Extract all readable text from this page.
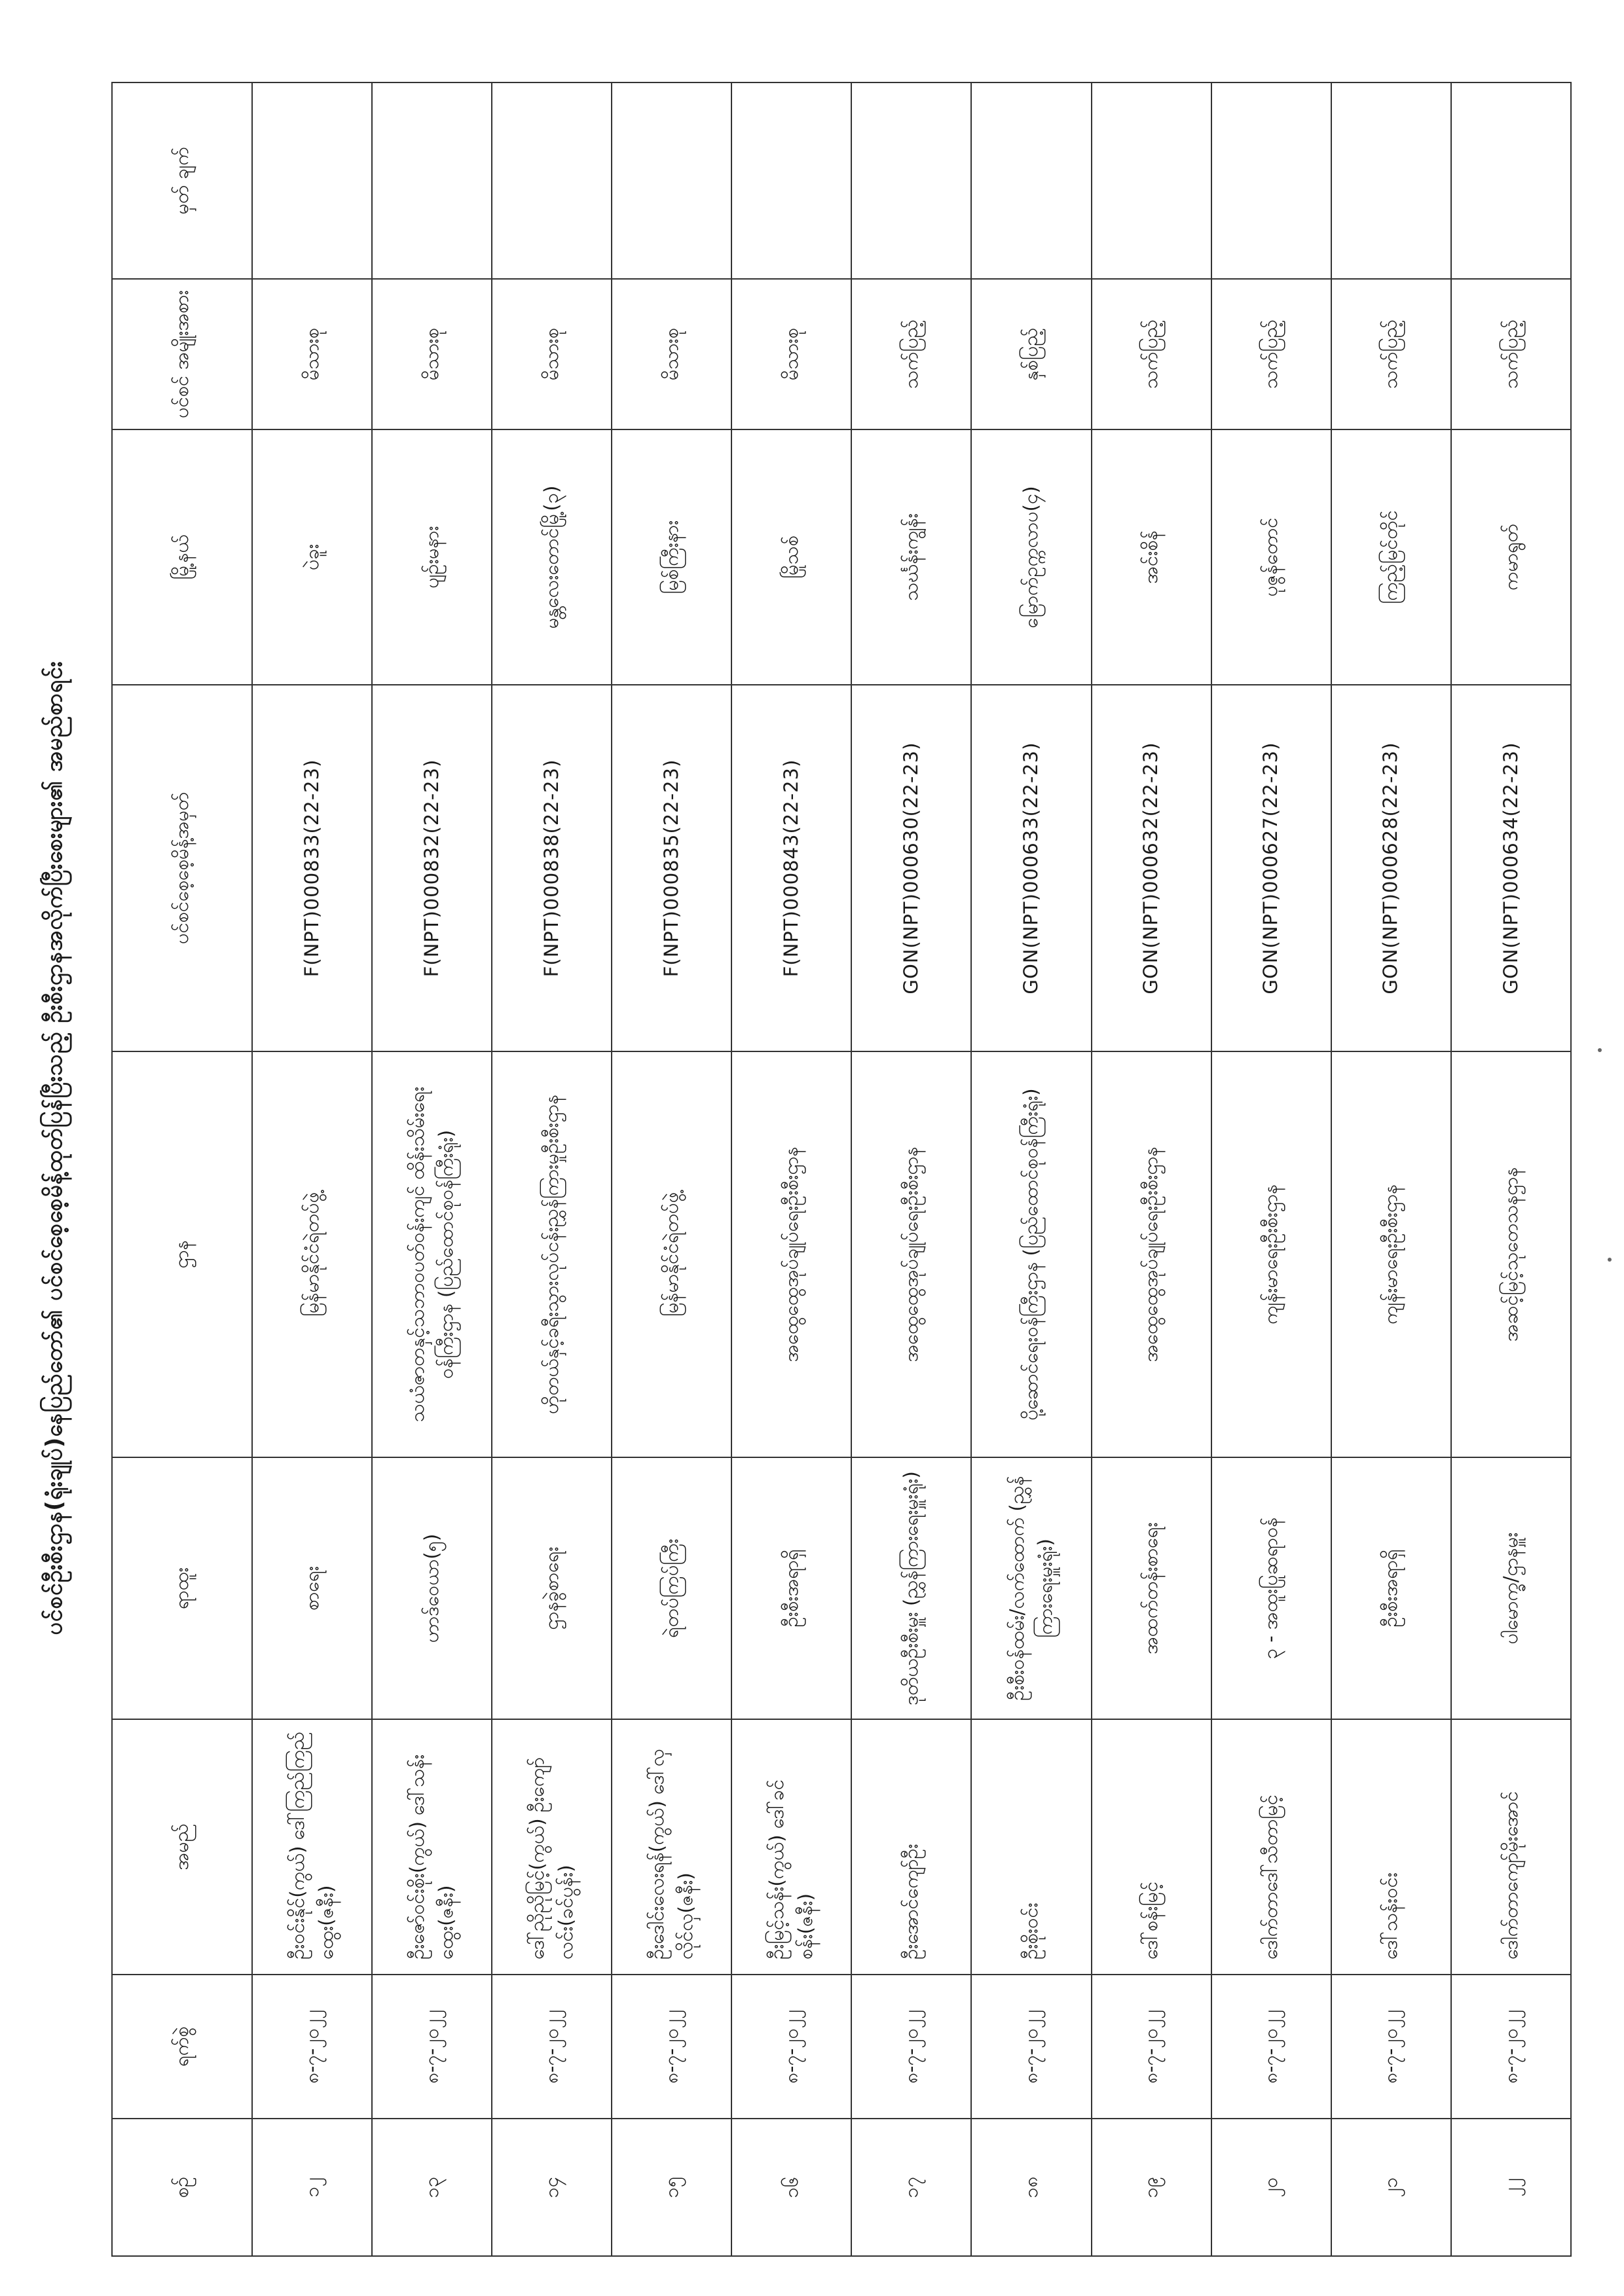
ပင်စင်ဦးစီးဌာန(ရုံးချုပ်)နေပြည်တော်၏ ပင်စင်စေ့စေ့မိန့်ထုတ်ပြန်ပြီးသည့် ဦးစီးဌာနအလိုက်ပြီးစေးများ၏ အမည်စာရင်း
စဉ်	ရက်စွဲ	အမည်	ရာထူး	ဌာန	ပင်စင်စေ့စေ့မိန့်အမှတ်	မြို့နယ်	ပင်စင် အမျိုးအစား	မှတ် ချက်
၁၂	၈-၇-၂၀၂၂	ဦးဝင်းနိုင်(ကွယ်) ဒေါ်ကြည်ကြည်ထွေး(ဇနီး)	စာရေး	မြန်မာနိုင်ငံရဲတပ်ဖွဲ့	F(NPT)000833(22-23)	ပဲခူး	မိသားစု	
၁၃	၈-၇-၂၀၂၂	ဦးဇော်ဝင်းစိုး(ကွယ်) ဒေါ်သန်းထွေး(ဇနီး)	ဟာဒ်ဝေယာ(၅)	သယံဇာတနှင့်သဘာဝပတ်ဝန်းကျင် ထိန်းသိမ်းရေးဝန်ကြီးဌာန (ပြည်ထောင်စုဝန်ကြီးရုံး)	F(NPT)000832(22-23)	ပျဉ်းမနား	မိသားစု	
၁၄	၈-၇-၂၀၂၂	ဒေါ်ညိုညိုမြင့်(ကွယ်) ဦးကျော်လင်း(ခင်ပွန်း)	ဌာနခွဲစာရေး	ဟိုတယ်နှင့်ခရီးသွားလုပ်ငန်းညွှန်ကြားမှုဦးစီးဌာန	F(NPT)000838(22-23)	မန္တလေးတောင်မြို့(၃)	မိသားစု	
၁၅	၈-၇-၂၀၂၂	ဦးဒေါင်းလေးရန်(ကွယ်) ဒေါ်လှလိုင်လှ(ဇနီး)	ရဲတပ်ကြပ်ကြီး	မြန်မာနိုင်ငံရဲတပ်ဖွဲ့	F(NPT)000835(22-23)	မြစ်ကြီးနား	မိသားစု	
၁၆	၈-၇-၂၀၂၂	ဦးမြင့်သန်း(ကွယ်) ဒေါ်ခင်စန်း(ဇနီး)	ဦးစီးအရာရှိ	အထွေထွေအုပ်ချုပ်ရေးဦးစီးဌာန	F(NPT)000843(22-23)	မြိုသစ်	မိသားစု	
၁၇	၈-၇-၂၀၂၂	ဦးအောင်ကျော်ဦး	ဒုတိယဦးစီးမှူး (ညွှန်ကြားရေးမှူးရုံး)	အထွေထွေအုပ်ချုပ်ရေးဦးစီးဌာန	GON(NPT)000630(22-23)	သင်္ဃန်းကျွန်း	သက်ပြည့်	
၁၈	၈-၇-၂၀၂၂	ဦးစိုးဝင်း	ဦးစီးဝန်ထမ်း/လက်ထောက် (ညွှန်ကြားရေးမှူးရုံး)	ပို့ဆောင်ရေးဝန်ကြီးဌာန (ပြည်ထောင်စုဝန်ကြီးရုံး)	GON(NPT)000633(22-23)	မြောက်ဥက္ကလာပ(၄)	နှစ်ပြည့်	
၁၉	၈-၇-၂၀၂၂	ဒေါ်စန်းမြင့်	အထက်တန်းစာရေး	အထွေထွေအုပ်ချုပ်ရေးဦးစီးဌာန	GON(NPT)000632(22-23)	အင်းစိန်	သက်ပြည့်	
၂၀	၈-၇-၂၀၂၂	ဒေါက်တာဒေါ်သီတာမြင့်	၃ - အထူးပြုဆရာဝန်	ကျန်းမာရေးဦးစီးဌာန	GON(NPT)000627(22-23)	ပုဇွန်တောင်	သက်ပြည့်	
၂၁	၈-၇-၂၀၂၂	ဒေါ်သန်းဝင်း	ဦးစီးအရာရှိ	ကျန်းမာရေးဦးစီးဌာန	GON(NPT)000628(22-23)	ကြည့်မြင်တိုင်	သက်ပြည့်	
၂၂	၈-၇-၂၀၂၂	ဒေါက်တာကျော်မိုးအောင်	ပါမောက္ခ/ဌာနမှူး	အဆင့်မြင့်သုတေသနဌာန	GON(NPT)000634(22-23)	ကမာရွတ်	သက်ပြည့်	
